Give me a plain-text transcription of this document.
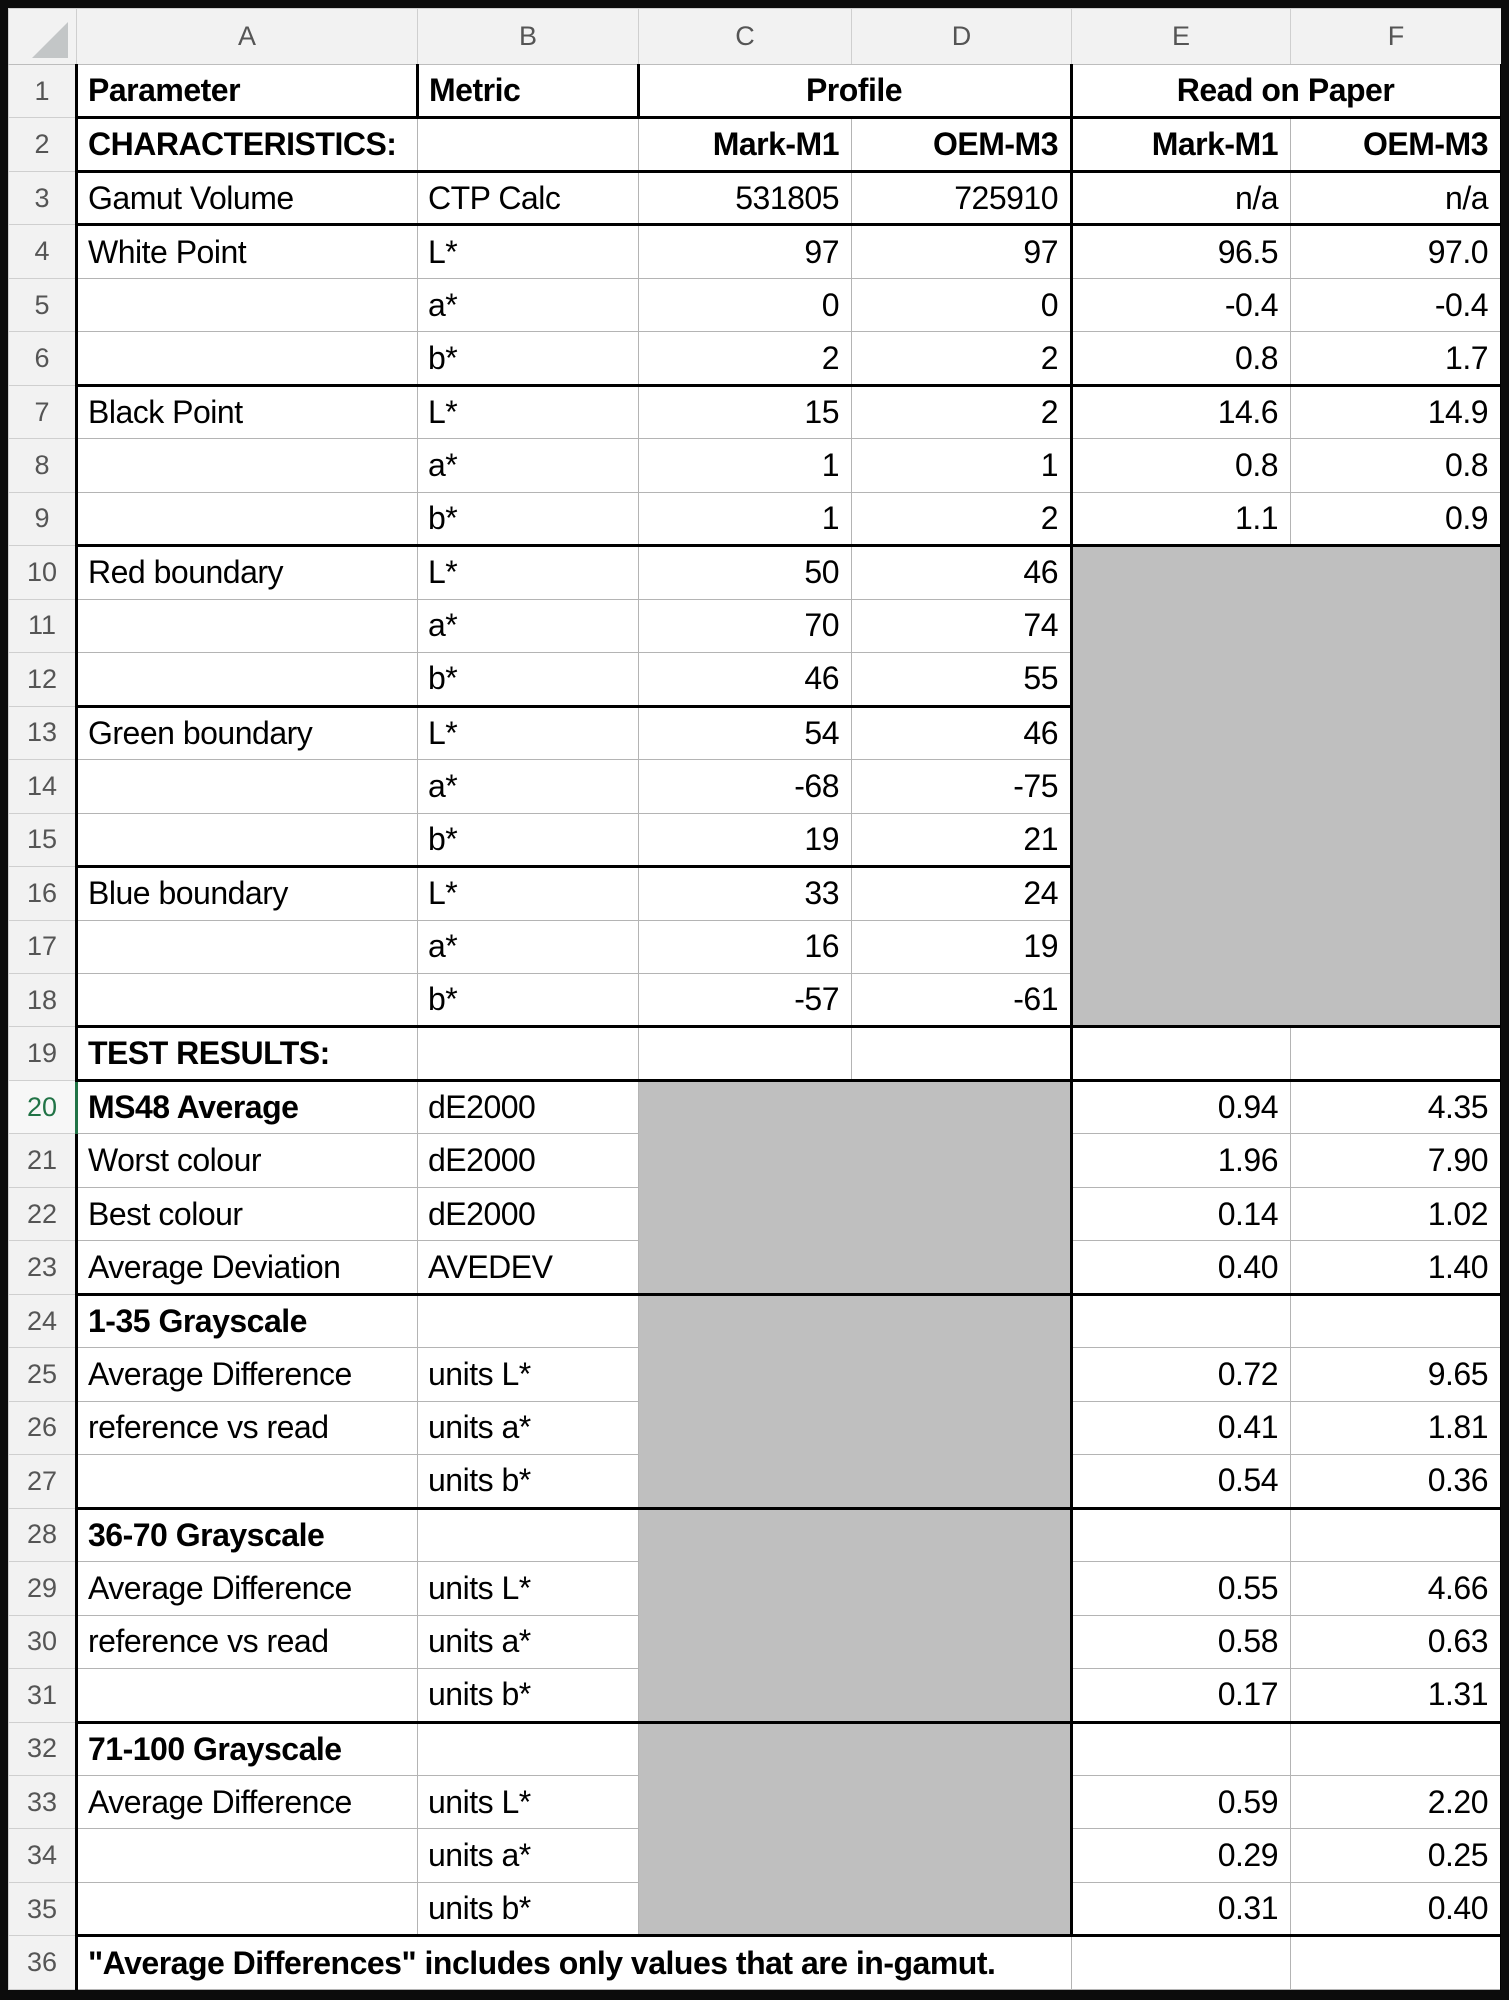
	A	B	C	D	E	F
1	Parameter	Metric	Profile		Read on Paper	
2	CHARACTERISTICS:		Mark-M1	OEM-M3	Mark-M1	OEM-M3
3	Gamut Volume	CTP Calc	531805	725910	n/a	n/a
4	White Point	L*	97	97	96.5	97.0
5		a*	0	0	-0.4	-0.4
6		b*	2	2	0.8	1.7
7	Black Point	L*	15	2	14.6	14.9
8		a*	1	1	0.8	0.8
9		b*	1	2	1.1	0.9
10	Red boundary	L*	50	46		
11		a*	70	74		
12		b*	46	55		
13	Green boundary	L*	54	46		
14		a*	-68	-75		
15		b*	19	21		
16	Blue boundary	L*	33	24		
17		a*	16	19		
18		b*	-57	-61		
19	TEST RESULTS:					
20	MS48 Average	dE2000			0.94	4.35
21	Worst colour	dE2000			1.96	7.90
22	Best colour	dE2000			0.14	1.02
23	Average Deviation	AVEDEV			0.40	1.40
24	1-35 Grayscale					
25	Average Difference	units L*			0.72	9.65
26	reference vs read	units a*			0.41	1.81
27		units b*			0.54	0.36
28	36-70 Grayscale					
29	Average Difference	units L*			0.55	4.66
30	reference vs read	units a*			0.58	0.63
31		units b*			0.17	1.31
32	71-100 Grayscale					
33	Average Difference	units L*			0.59	2.20
34		units a*			0.29	0.25
35		units b*			0.31	0.40
36	"Average Differences" includes only values that are in-gamut.					
